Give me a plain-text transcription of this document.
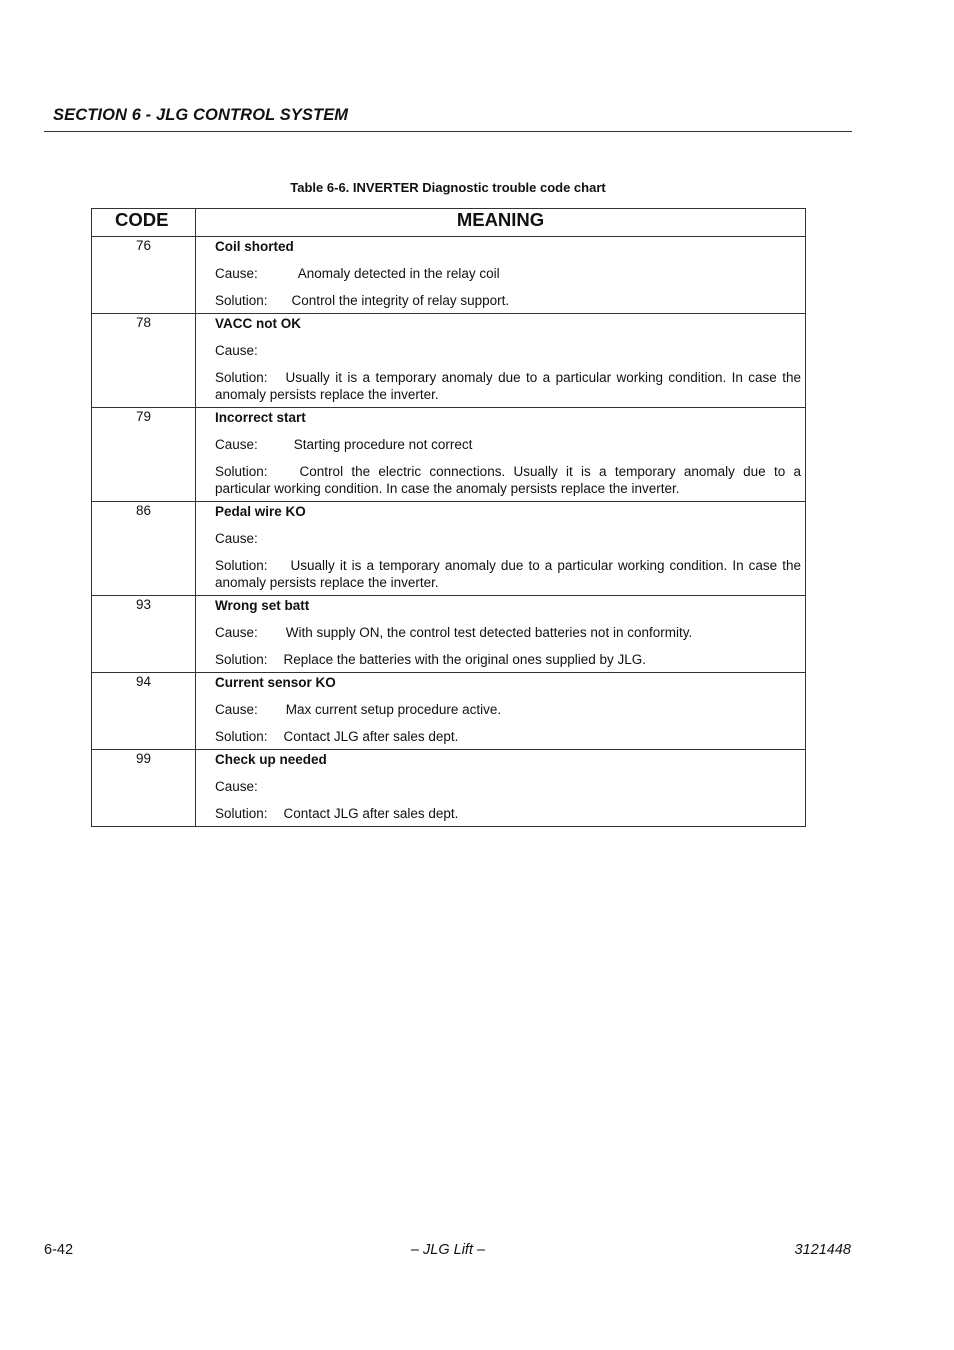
SECTION 6 - JLG CONTROL SYSTEM
Table 6-6. INVERTER Diagnostic trouble code chart
CODE	MEANING
76	Coil shorted
Cause: Anomaly detected in the relay coil
Solution: Control the integrity of relay support.

78	VACC not OK
Cause:
Solution: Usually it is a temporary anomaly due to a particular working condition. In case the anomaly persists replace the inverter.

79	Incorrect start
Cause: Starting procedure not correct
Solution: Control the electric connections. Usually it is a temporary anomaly due to a particular working condition. In case the anomaly persists replace the inverter.

86	Pedal wire KO
Cause:
Solution: Usually it is a temporary anomaly due to a particular working condition. In case the anomaly persists replace the inverter.

93	Wrong set batt
Cause: With supply ON, the control test detected batteries not in conformity.
Solution: Replace the batteries with the original ones supplied by JLG.

94	Current sensor KO
Cause: Max current setup procedure active.
Solution: Contact JLG after sales dept.

99	Check up needed
Cause:
Solution: Contact JLG after sales dept.
6-42	– JLG Lift –	3121448
